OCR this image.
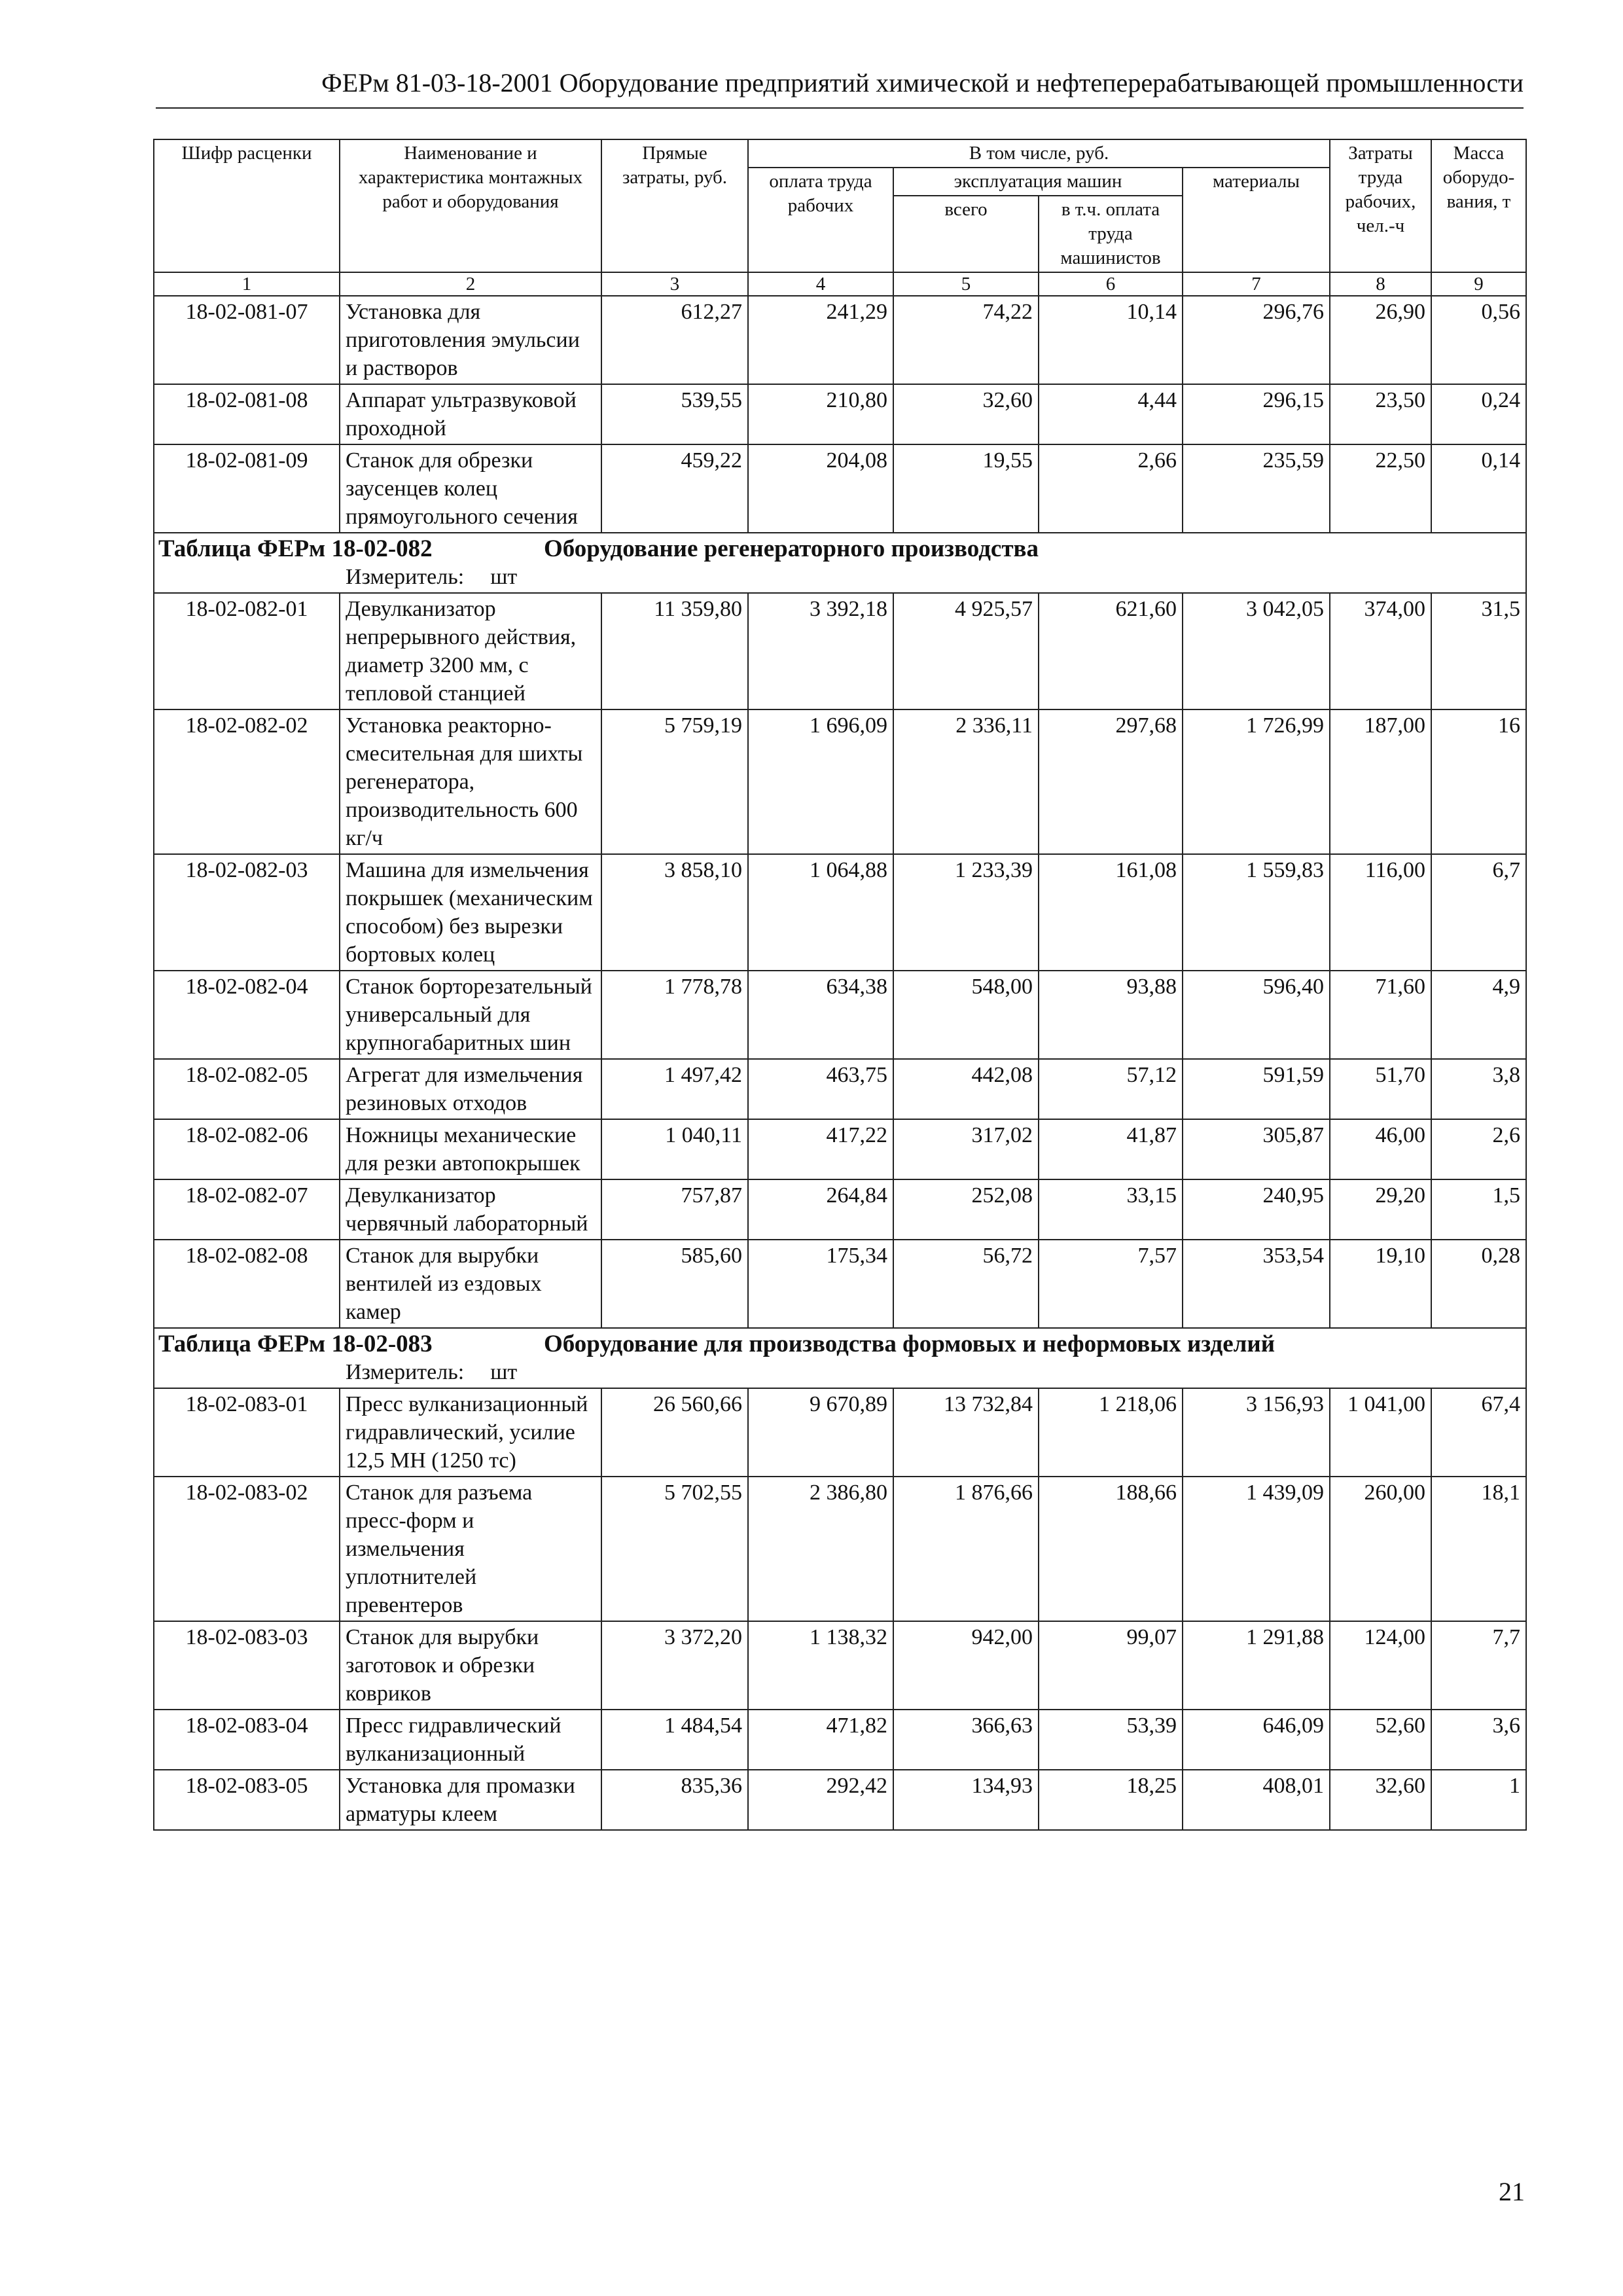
ФЕРм 81-03-18-2001 Оборудование предприятий химической и нефтеперерабатывающей промышленности
Шифр расценки	Наименование и характеристика монтажных работ и оборудования	Прямые затраты, руб.	В том числе, руб.				Затраты труда рабочих, чел.-ч	Масса оборудо-вания, т
			оплата труда рабочих	эксплуатация машин		материалы		
				всего	в т.ч. оплата труда машинистов			
1	2	3	4	5	6	7	8	9
18-02-081-07	Установка для приготовления эмульсии и растворов	612,27	241,29	74,22	10,14	296,76	26,90	0,56
18-02-081-08	Аппарат ультразвуковой проходной	539,55	210,80	32,60	4,44	296,15	23,50	0,24
18-02-081-09	Станок для обрезки заусенцев колец прямоугольного сечения	459,22	204,08	19,55	2,66	235,59	22,50	0,14

Таблица ФЕРм 18-02-082 Оборудование регенераторного производства
Измеритель: шт								

18-02-082-01	Девулканизатор непрерывного действия, диаметр 3200 мм, с тепловой станцией	11 359,80	3 392,18	4 925,57	621,60	3 042,05	374,00	31,5
18-02-082-02	Установка реакторно-смесительная для шихты регенератора, производительность 600 кг/ч	5 759,19	1 696,09	2 336,11	297,68	1 726,99	187,00	16
18-02-082-03	Машина для измельчения покрышек (механическим способом) без вырезки бортовых колец	3 858,10	1 064,88	1 233,39	161,08	1 559,83	116,00	6,7
18-02-082-04	Станок борторезательный универсальный для крупногабаритных шин	1 778,78	634,38	548,00	93,88	596,40	71,60	4,9
18-02-082-05	Агрегат для измельчения резиновых отходов	1 497,42	463,75	442,08	57,12	591,59	51,70	3,8
18-02-082-06	Ножницы механические для резки автопокрышек	1 040,11	417,22	317,02	41,87	305,87	46,00	2,6
18-02-082-07	Девулканизатор червячный лабораторный	757,87	264,84	252,08	33,15	240,95	29,20	1,5
18-02-082-08	Станок для вырубки вентилей из ездовых камер	585,60	175,34	56,72	7,57	353,54	19,10	0,28

Таблица ФЕРм 18-02-083 Оборудование для производства формовых и неформовых изделий
Измеритель: шт								

18-02-083-01	Пресс вулканизационный гидравлический, усилие 12,5 МН (1250 тс)	26 560,66	9 670,89	13 732,84	1 218,06	3 156,93	1 041,00	67,4
18-02-083-02	Станок для разъема пресс-форм и измельчения уплотнителей превентеров	5 702,55	2 386,80	1 876,66	188,66	1 439,09	260,00	18,1
18-02-083-03	Станок для вырубки заготовок и обрезки ковриков	3 372,20	1 138,32	942,00	99,07	1 291,88	124,00	7,7
18-02-083-04	Пресс гидравлический вулканизационный	1 484,54	471,82	366,63	53,39	646,09	52,60	3,6
18-02-083-05	Установка для промазки арматуры клеем	835,36	292,42	134,93	18,25	408,01	32,60	1
21
